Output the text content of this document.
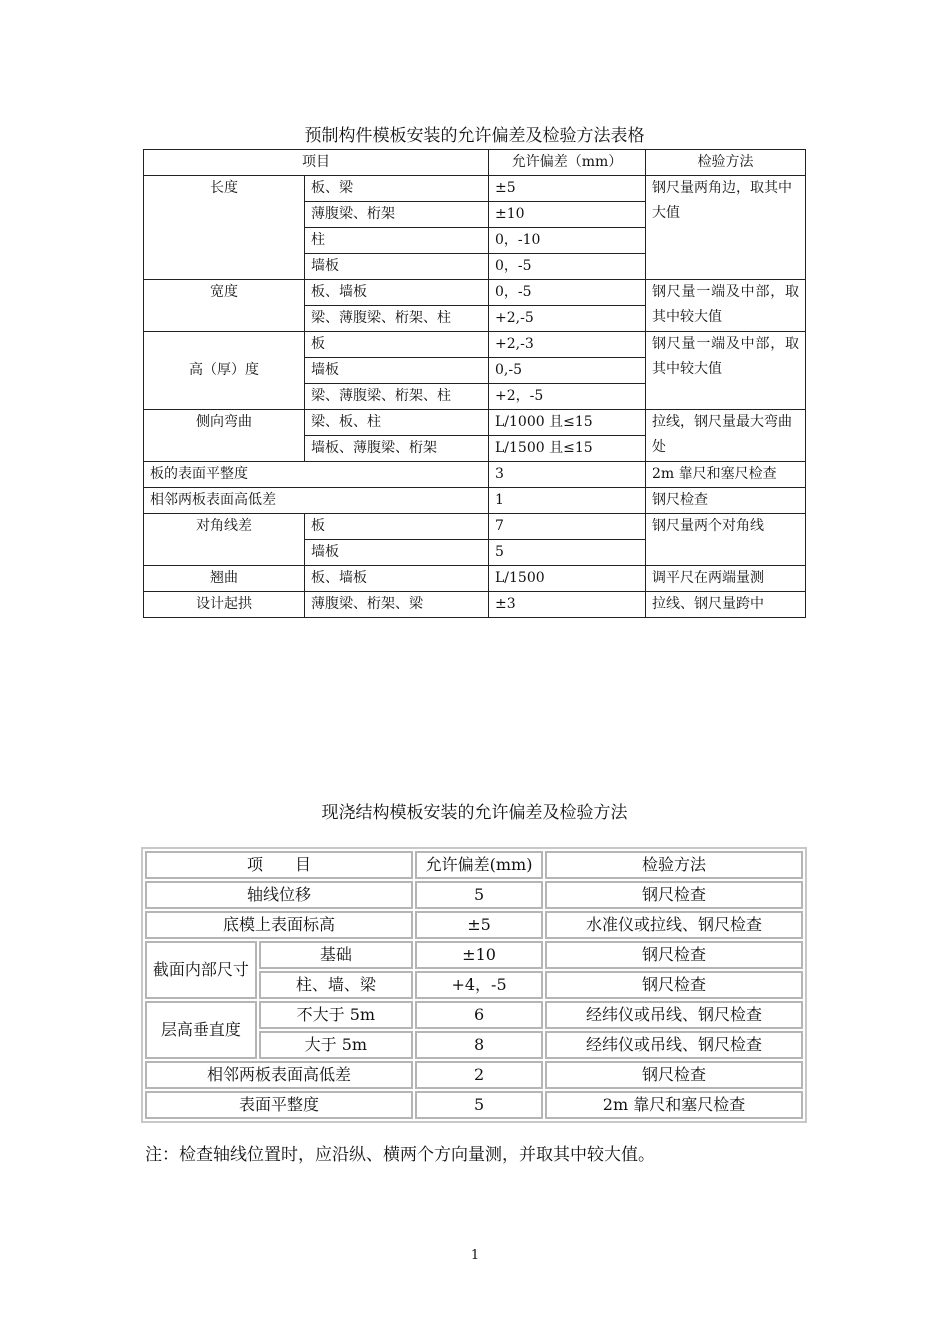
预制构件模板安装的允许偏差及检验方法表格
项目		允许偏差（mm）	检验方法
长度	板、梁	±5	钢尺量两角边，取其中大值
	薄腹梁、桁架	±10	
	柱	0，-10	
	墙板	0，-5	
宽度	板、墙板	0，-5	钢尺量一端及中部，取其中较大值
	梁、薄腹梁、桁架、柱	+2,-5	
高（厚）度	板	+2,-3	钢尺量一端及中部，取其中较大值
	墙板	0,-5	
	梁、薄腹梁、桁架、柱	+2，-5	
侧向弯曲	梁、板、柱	L/1000 且≤15	拉线，钢尺量最大弯曲处
	墙板、薄腹梁、桁架	L/1500 且≤15	
板的表面平整度		3	2m 靠尺和塞尺检查
相邻两板表面高低差		1	钢尺检查
对角线差	板	7	钢尺量两个对角线
	墙板	5	
翘曲	板、墙板	L/1500	调平尺在两端量测
设计起拱	薄腹梁、桁架、梁	±3	拉线、钢尺量跨中
现浇结构模板安装的允许偏差及检验方法
项　　目		允许偏差(mm)	检验方法
轴线位移		5	钢尺检查
底模上表面标高		±5	水准仪或拉线、钢尺检查
截面内部尺寸	基础	±10	钢尺检查
	柱、墙、梁	+4，-5	钢尺检查
层高垂直度	不大于 5m	6	经纬仪或吊线、钢尺检查
	大于 5m	8	经纬仪或吊线、钢尺检查
相邻两板表面高低差		2	钢尺检查
表面平整度		5	2m 靠尺和塞尺检查
注：检查轴线位置时，应沿纵、横两个方向量测，并取其中较大值。
1
